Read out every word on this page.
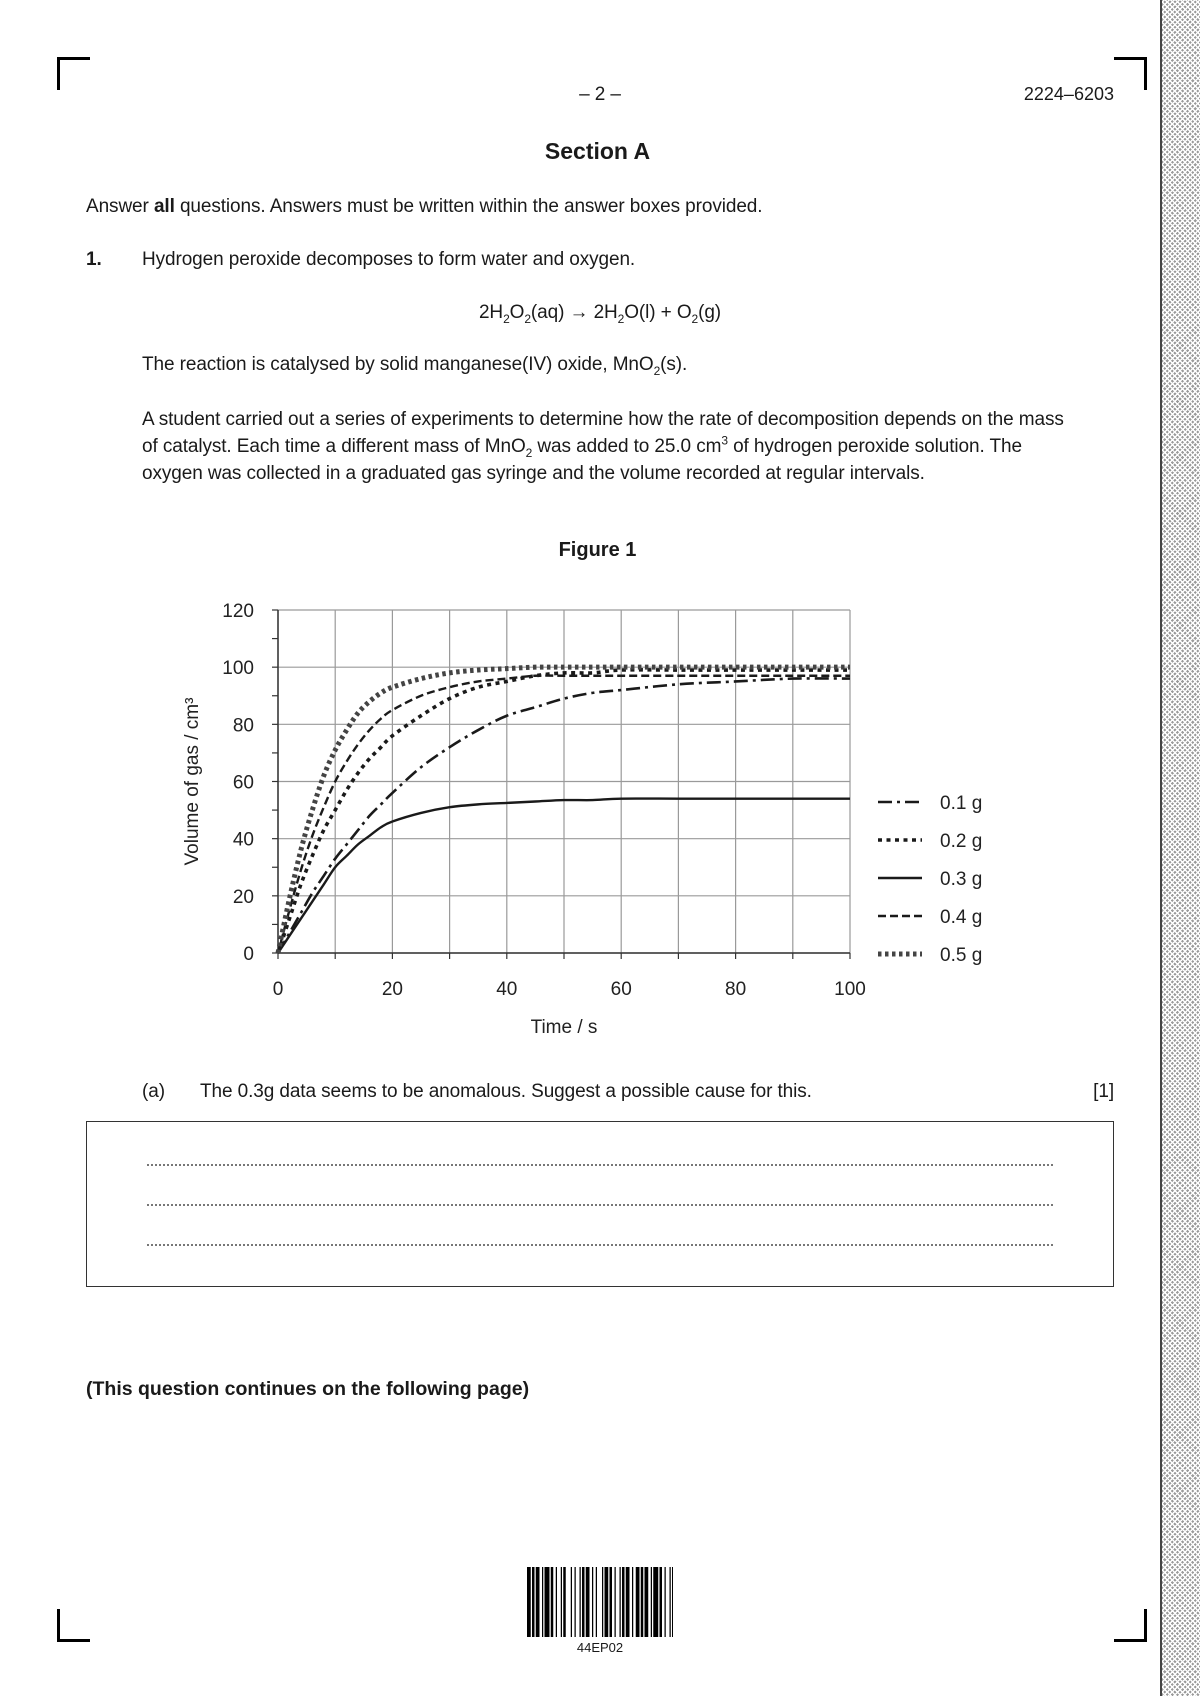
– 2 –	2224–6203
Section A
Answer all questions. Answers must be written within the answer boxes provided.
1. Hydrogen peroxide decomposes to form water and oxygen.
$2H_2O_2(aq) \to 2H_2O(l) + O_2(g)$
The reaction is catalysed by solid manganese(IV) oxide, MnO$_2$(s).
A student carried out a series of experiments to determine how the rate of decomposition depends on the mass of catalyst. Each time a different mass of MnO$_2$ was added to 25.0 $cm^3$ of hydrogen peroxide solution. The oxygen was collected in a graduated gas syringe and the volume recorded at regular intervals.
Figure 1
0	20	40	60	80	100
0
20
40
60
80
100
120
Time / s
Volume of gas / cm³	0.1 g
0.2 g
0.3 g
0.4 g
0.5 g
(a) The 0.3g data seems to be anomalous. Suggest a possible cause for this.	[1]
(This question continues on the following page)
44EP02
